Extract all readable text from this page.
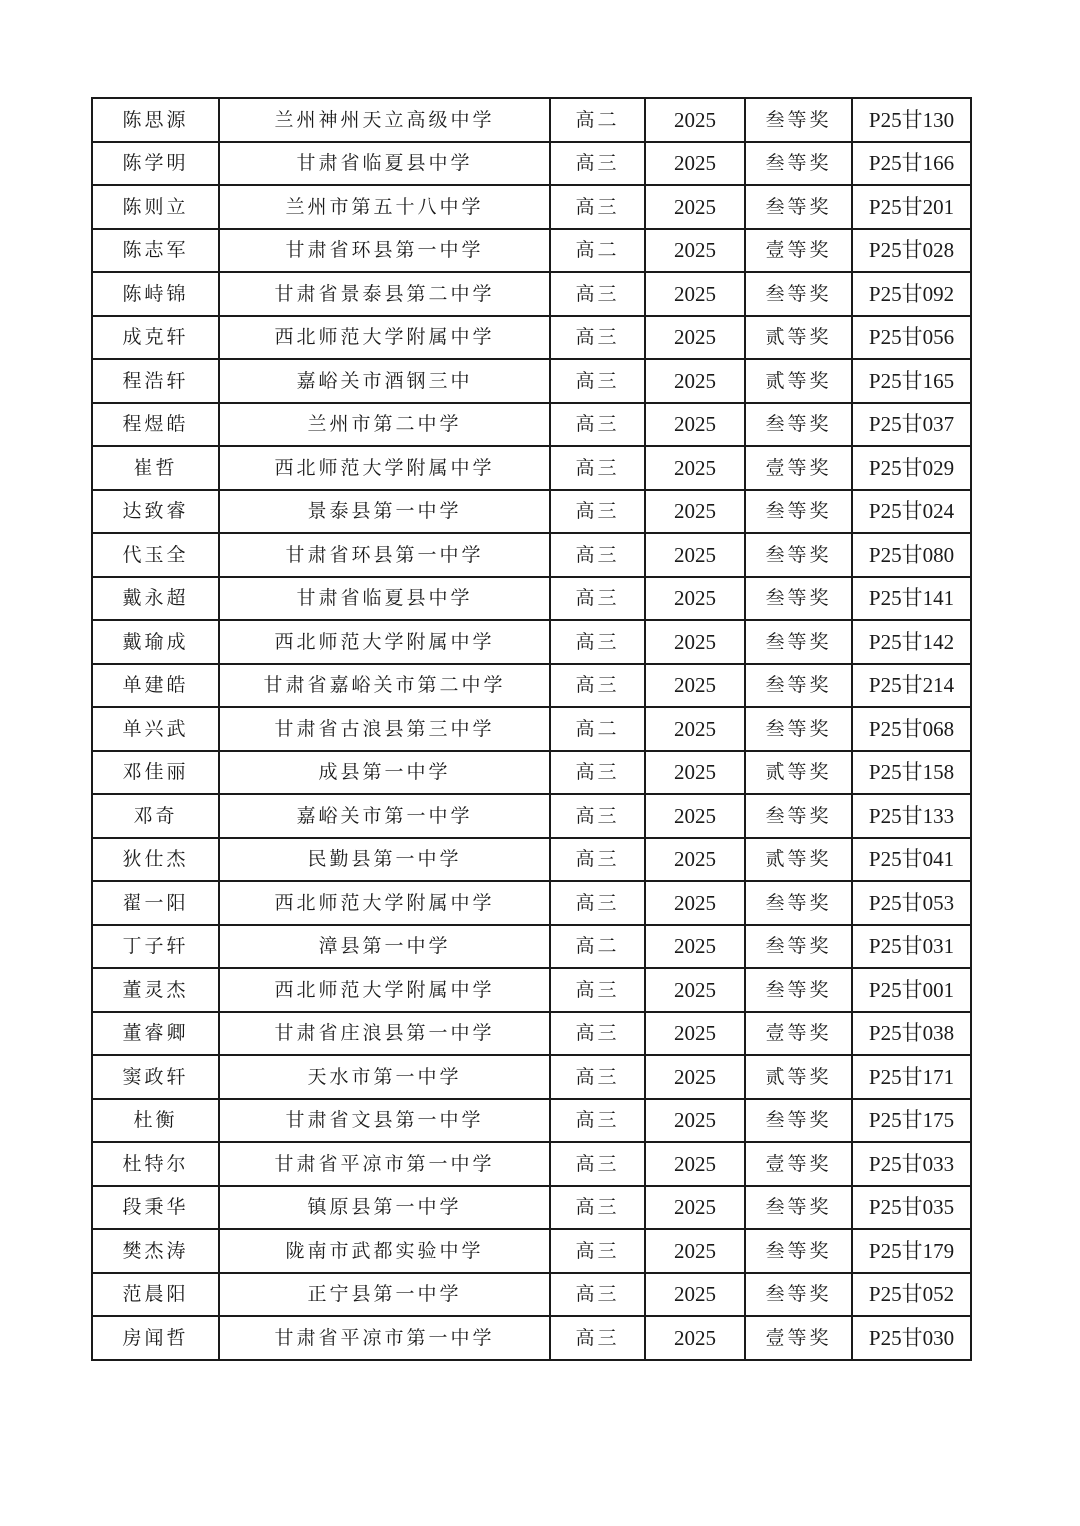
陈思源	兰州神州天立高级中学	高二	2025	叁等奖	P25甘130
陈学明	甘肃省临夏县中学	高三	2025	叁等奖	P25甘166
陈则立	兰州市第五十八中学	高三	2025	叁等奖	P25甘201
陈志军	甘肃省环县第一中学	高二	2025	壹等奖	P25甘028
陈峙锦	甘肃省景泰县第二中学	高三	2025	叁等奖	P25甘092
成克轩	西北师范大学附属中学	高三	2025	贰等奖	P25甘056
程浩轩	嘉峪关市酒钢三中	高三	2025	贰等奖	P25甘165
程煜皓	兰州市第二中学	高三	2025	叁等奖	P25甘037
崔哲	西北师范大学附属中学	高三	2025	壹等奖	P25甘029
达致睿	景泰县第一中学	高三	2025	叁等奖	P25甘024
代玉全	甘肃省环县第一中学	高三	2025	叁等奖	P25甘080
戴永超	甘肃省临夏县中学	高三	2025	叁等奖	P25甘141
戴瑜成	西北师范大学附属中学	高三	2025	叁等奖	P25甘142
单建皓	甘肃省嘉峪关市第二中学	高三	2025	叁等奖	P25甘214
单兴武	甘肃省古浪县第三中学	高二	2025	叁等奖	P25甘068
邓佳丽	成县第一中学	高三	2025	贰等奖	P25甘158
邓奇	嘉峪关市第一中学	高三	2025	叁等奖	P25甘133
狄仕杰	民勤县第一中学	高三	2025	贰等奖	P25甘041
翟一阳	西北师范大学附属中学	高三	2025	叁等奖	P25甘053
丁子轩	漳县第一中学	高二	2025	叁等奖	P25甘031
董灵杰	西北师范大学附属中学	高三	2025	叁等奖	P25甘001
董睿卿	甘肃省庄浪县第一中学	高三	2025	壹等奖	P25甘038
窦政轩	天水市第一中学	高三	2025	贰等奖	P25甘171
杜衡	甘肃省文县第一中学	高三	2025	叁等奖	P25甘175
杜特尔	甘肃省平凉市第一中学	高三	2025	壹等奖	P25甘033
段秉华	镇原县第一中学	高三	2025	叁等奖	P25甘035
樊杰涛	陇南市武都实验中学	高三	2025	叁等奖	P25甘179
范晨阳	正宁县第一中学	高三	2025	叁等奖	P25甘052
房闻哲	甘肃省平凉市第一中学	高三	2025	壹等奖	P25甘030
